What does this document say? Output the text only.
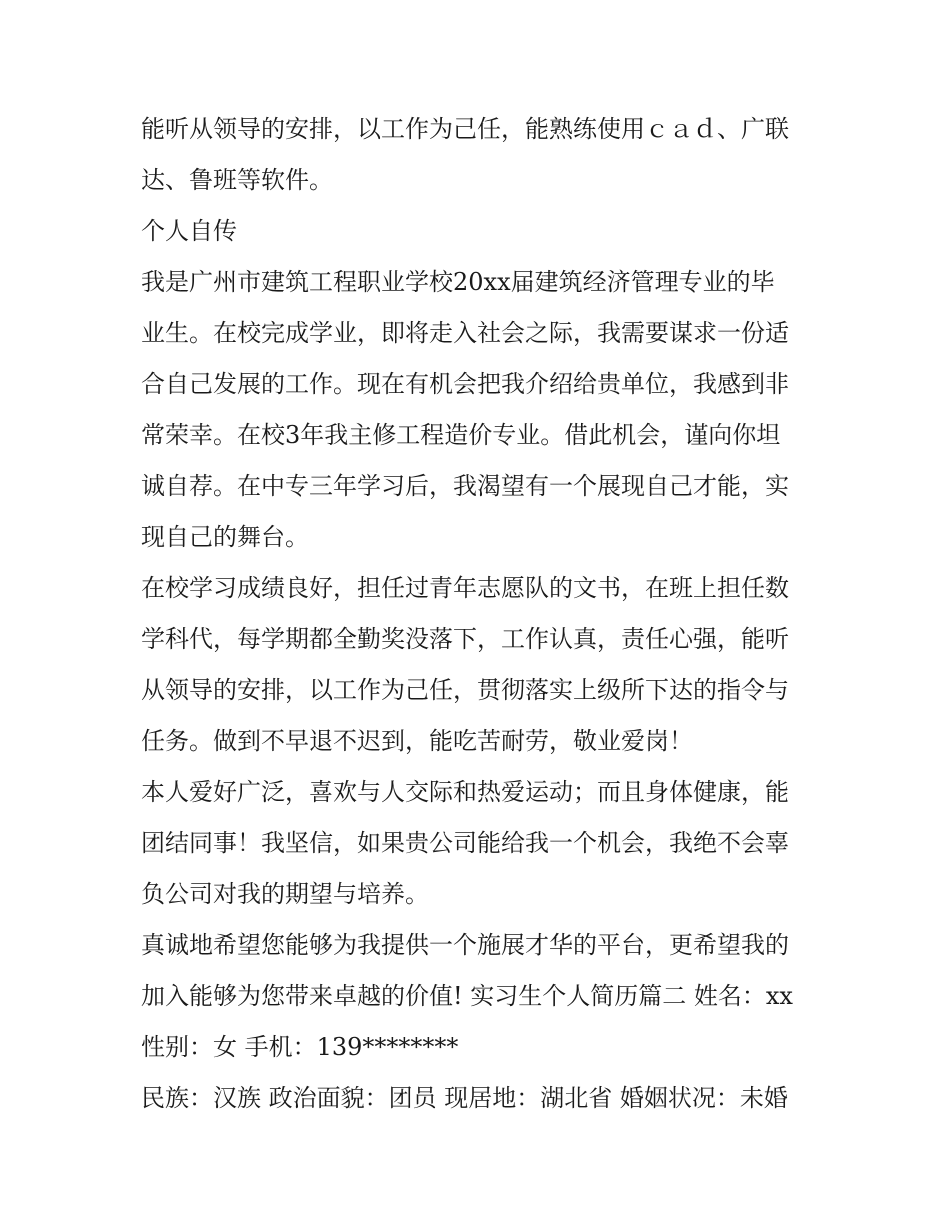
能听从领导的安排，以工作为己任，能熟练使用ｃａｄ、广联
达、鲁班等软件。
个人自传
我是广州市建筑工程职业学校20xx届建筑经济管理专业的毕
业生。在校完成学业，即将走入社会之际，我需要谋求一份适
合自己发展的工作。现在有机会把我介绍给贵单位，我感到非
常荣幸。在校3年我主修工程造价专业。借此机会，谨向你坦
诚自荐。在中专三年学习后，我渴望有一个展现自己才能，实
现自己的舞台。
在校学习成绩良好，担任过青年志愿队的文书，在班上担任数
学科代，每学期都全勤奖没落下，工作认真，责任心强，能听
从领导的安排，以工作为己任，贯彻落实上级所下达的指令与
任务。做到不早退不迟到，能吃苦耐劳，敬业爱岗！
本人爱好广泛，喜欢与人交际和热爱运动；而且身体健康，能
团结同事！我坚信，如果贵公司能给我一个机会，我绝不会辜
负公司对我的期望与培养。
真诚地希望您能够为我提供一个施展才华的平台，更希望我的
加入能够为您带来卓越的价值! 实习生个人简历篇二 姓名：xx
性别：女 手机：139********
民族：汉族 政治面貌：团员 现居地：湖北省 婚姻状况：未婚
